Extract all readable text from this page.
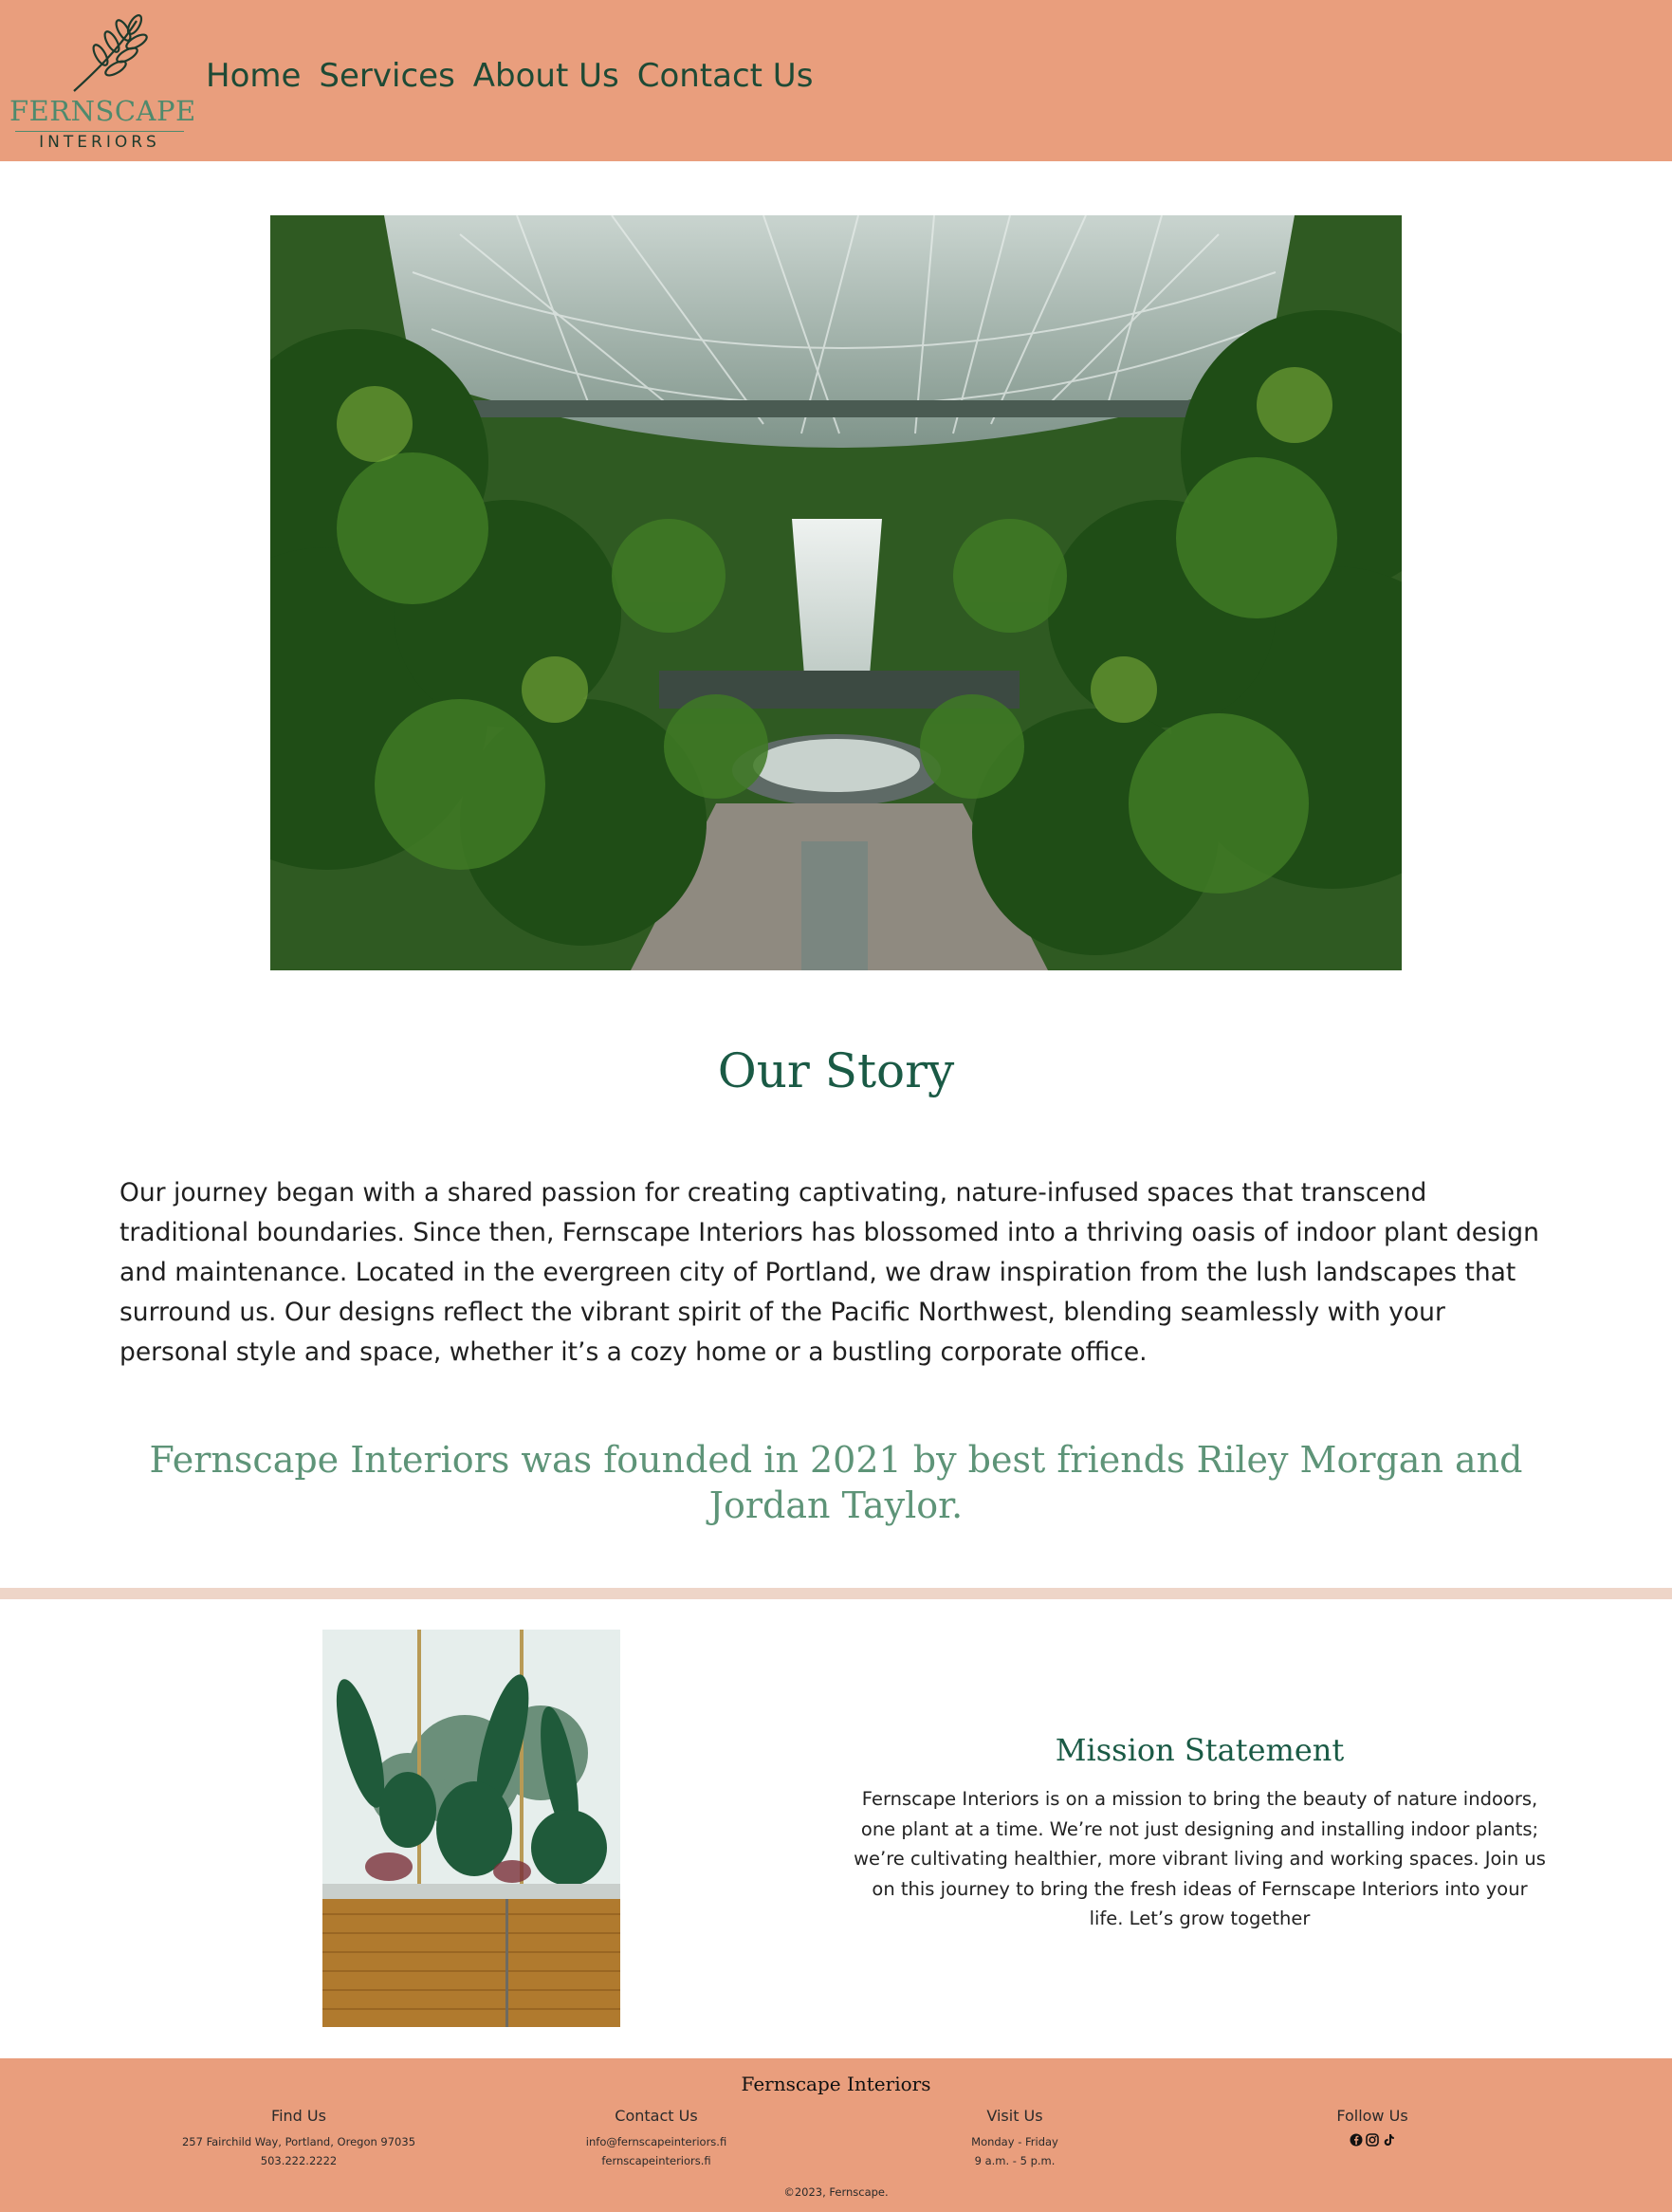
FERNSCAPE
INTERIORS
Home Services About Us Contact Us
Our Story
Our journey began with a shared passion for creating captivating, nature-infused spaces that transcend traditional boundaries. Since then, Fernscape Interiors has blossomed into a thriving oasis of indoor plant design and maintenance. Located in the evergreen city of Portland, we draw inspiration from the lush landscapes that surround us. Our designs reflect the vibrant spirit of the Pacific Northwest, blending seamlessly with your personal style and space, whether it’s a cozy home or a bustling corporate office.
Fernscape Interiors was founded in 2021 by best friends Riley Morgan and Jordan Taylor.
Mission Statement
Fernscape Interiors is on a mission to bring the beauty of nature indoors, one plant at a time. We’re not just designing and installing indoor plants; we’re cultivating healthier, more vibrant living and working spaces. Join us on this journey to bring the fresh ideas of Fernscape Interiors into your life. Let’s grow together
Fernscape Interiors
Find Us

257 Fairchild Way, Portland, Oregon 97035

503.222.2222

Contact Us

info@fernscapeinteriors.fi

fernscapeinteriors.fi

Visit Us

Monday - Friday

9 a.m. - 5 p.m.

Follow Us
©2023, Fernscape.
